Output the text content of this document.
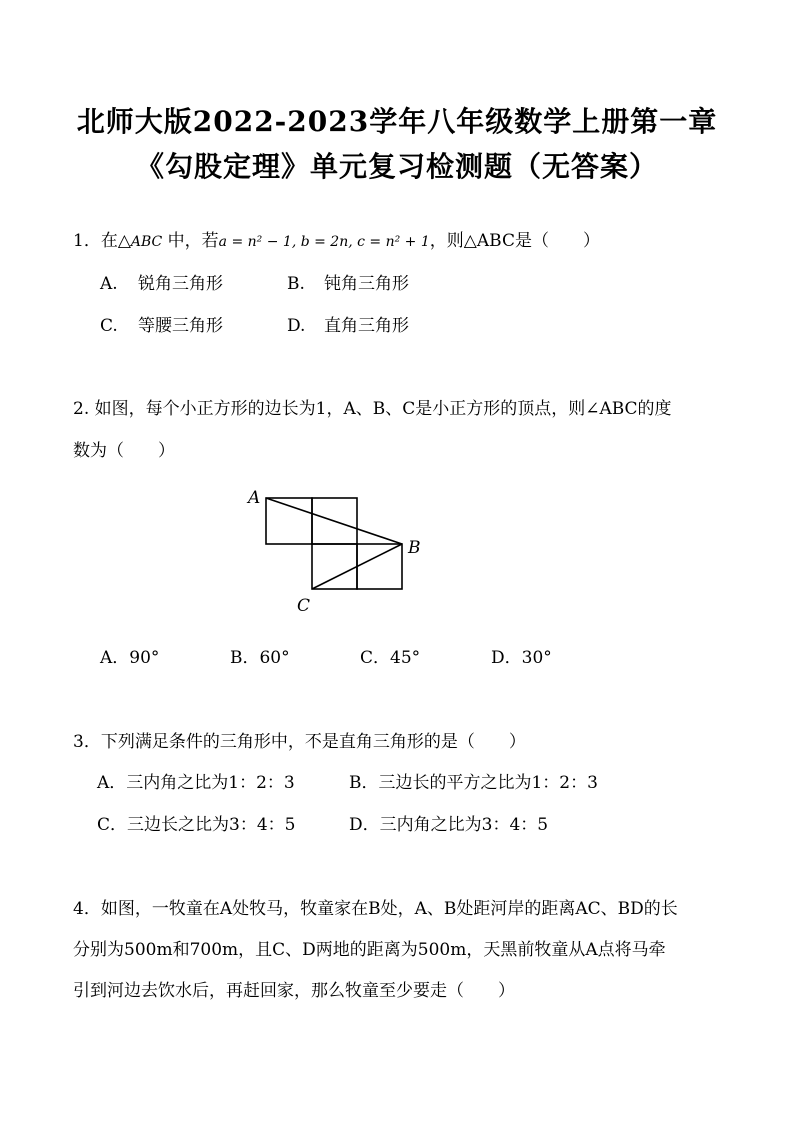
北师大版2022-2023学年八年级数学上册第一章
《勾股定理》单元复习检测题（无答案）
1．在△ABC 中，若a = n² − 1, b = 2n, c = n² + 1，则△ABC是（　　）
A. 锐角三角形	B. 钝角三角形
C. 等腰三角形	D. 直角三角形
2. 如图，每个小正方形的边长为1，A、B、C是小正方形的顶点，则∠ABC的度
数为（　　）
A
B
C
A．90°	B．60°	C．45°	D．30°
3．下列满足条件的三角形中，不是直角三角形的是（　　）
A．三内角之比为1：2：3	B．三边长的平方之比为1：2：3
C．三边长之比为3：4：5	D．三内角之比为3：4：5
4．如图，一牧童在A处牧马，牧童家在B处，A、B处距河岸的距离AC、BD的长
分别为500m和700m，且C、D两地的距离为500m，天黑前牧童从A点将马牵
引到河边去饮水后，再赶回家，那么牧童至少要走（　　）
